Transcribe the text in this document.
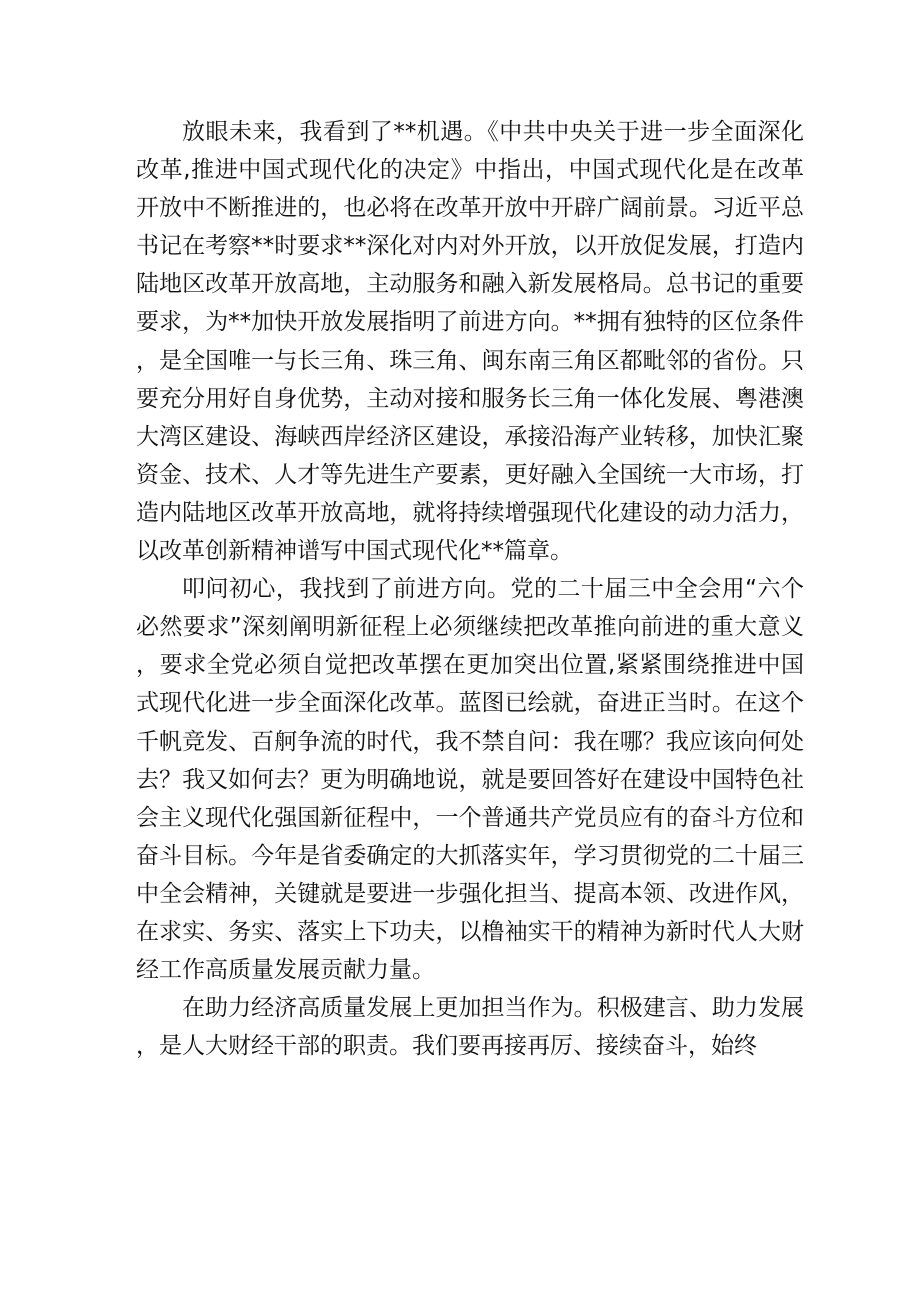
放眼未来，我看到了**机遇。《中共中央关于进一步全面深化改革,推进中国式现代化的决定》中指出，中国式现代化是在改革开放中不断推进的，也必将在改革开放中开辟广阔前景。习近平总书记在考察**时要求**深化对内对外开放，以开放促发展，打造内陆地区改革开放高地，主动服务和融入新发展格局。总书记的重要要求，为**加快开放发展指明了前进方向。**拥有独特的区位条件，是全国唯一与长三角、珠三角、闽东南三角区都毗邻的省份。只要充分用好自身优势，主动对接和服务长三角一体化发展、粤港澳大湾区建设、海峡西岸经济区建设，承接沿海产业转移，加快汇聚资金、技术、人才等先进生产要素，更好融入全国统一大市场，打造内陆地区改革开放高地，就将持续增强现代化建设的动力活力，以改革创新精神谱写中国式现代化**篇章。

叩问初心，我找到了前进方向。党的二十届三中全会用“六个必然要求”深刻阐明新征程上必须继续把改革推向前进的重大意义，要求全党必须自觉把改革摆在更加突出位置,紧紧围绕推进中国式现代化进一步全面深化改革。蓝图已绘就，奋进正当时。在这个千帆竞发、百舸争流的时代，我不禁自问：我在哪？我应该向何处去？我又如何去？更为明确地说，就是要回答好在建设中国特色社会主义现代化强国新征程中，一个普通共产党员应有的奋斗方位和奋斗目标。今年是省委确定的大抓落实年，学习贯彻党的二十届三中全会精神，关键就是要进一步强化担当、提高本领、改进作风，在求实、务实、落实上下功夫，以橹袖实干的精神为新时代人大财经工作高质量发展贡献力量。

在助力经济高质量发展上更加担当作为。积极建言、助力发展，是人大财经干部的职责。我们要再接再厉、接续奋斗，始终
